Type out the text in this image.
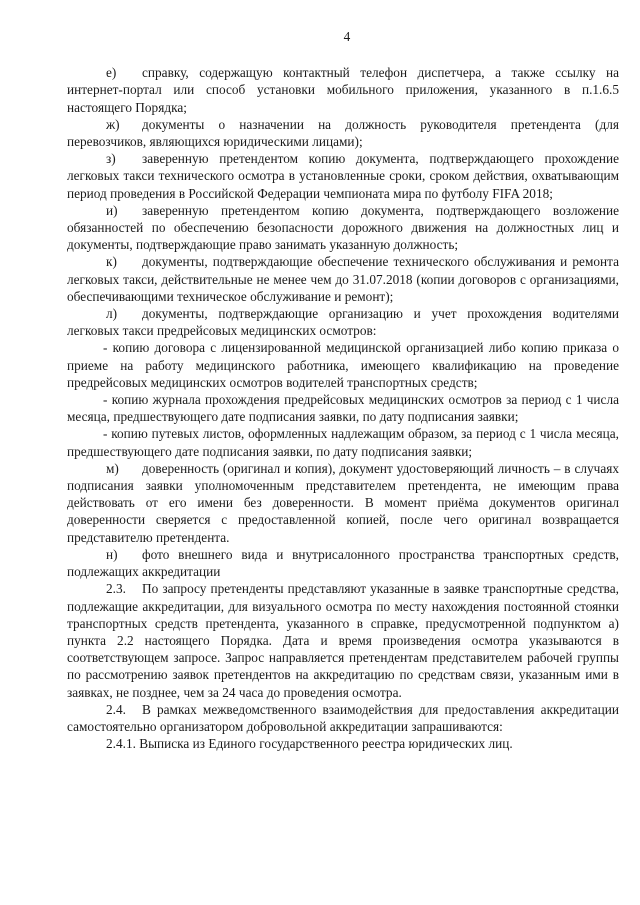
4

е) справку, содержащую контактный телефон диспетчера, а также ссылку на интернет-портал или способ установки мобильного приложения, указанного в п.1.6.5 настоящего Порядка;

ж) документы о назначении на должность руководителя претендента (для перевозчиков, являющихся юридическими лицами);

з) заверенную претендентом копию документа, подтверждающего прохождение легковых такси технического осмотра в установленные сроки, сроком действия, охватывающим период проведения в Российской Федерации чемпионата мира по футболу FIFA 2018;

и) заверенную претендентом копию документа, подтверждающего возложение обязанностей по обеспечению безопасности дорожного движения на должностных лиц и документы, подтверждающие право занимать указанную должность;

к) документы, подтверждающие обеспечение технического обслуживания и ремонта легковых такси, действительные не менее чем до 31.07.2018 (копии договоров с организациями, обеспечивающими техническое обслуживание и ремонт);

л) документы, подтверждающие организацию и учет прохождения водителями легковых такси предрейсовых медицинских осмотров:

- копию договора с лицензированной медицинской организацией либо копию приказа о приеме на работу медицинского работника, имеющего квалификацию на проведение предрейсовых медицинских осмотров водителей транспортных средств;

- копию журнала прохождения предрейсовых медицинских осмотров за период с 1 числа месяца, предшествующего дате подписания заявки, по дату подписания заявки;

- копию путевых листов, оформленных надлежащим образом, за период с 1 числа месяца, предшествующего дате подписания заявки, по дату подписания заявки;

м) доверенность (оригинал и копия), документ удостоверяющий личность – в случаях подписания заявки уполномоченным представителем претендента, не имеющим права действовать от его имени без доверенности. В момент приёма документов оригинал доверенности сверяется с предоставленной копией, после чего оригинал возвращается представителю претендента.

н) фото внешнего вида и внутрисалонного пространства транспортных средств, подлежащих аккредитации

2.3. По запросу претенденты представляют указанные в заявке транспортные средства, подлежащие аккредитации, для визуального осмотра по месту нахождения постоянной стоянки транспортных средств претендента, указанного в справке, предусмотренной подпунктом а) пункта 2.2 настоящего Порядка. Дата и время произведения осмотра указываются в соответствующем запросе. Запрос направляется претендентам представителем рабочей группы по рассмотрению заявок претендентов на аккредитацию по средствам связи, указанным ими в заявках, не позднее, чем за 24 часа до проведения осмотра.

2.4. В рамках межведомственного взаимодействия для предоставления аккредитации самостоятельно организатором добровольной аккредитации запрашиваются:

2.4.1. Выписка из Единого государственного реестра юридических лиц.
